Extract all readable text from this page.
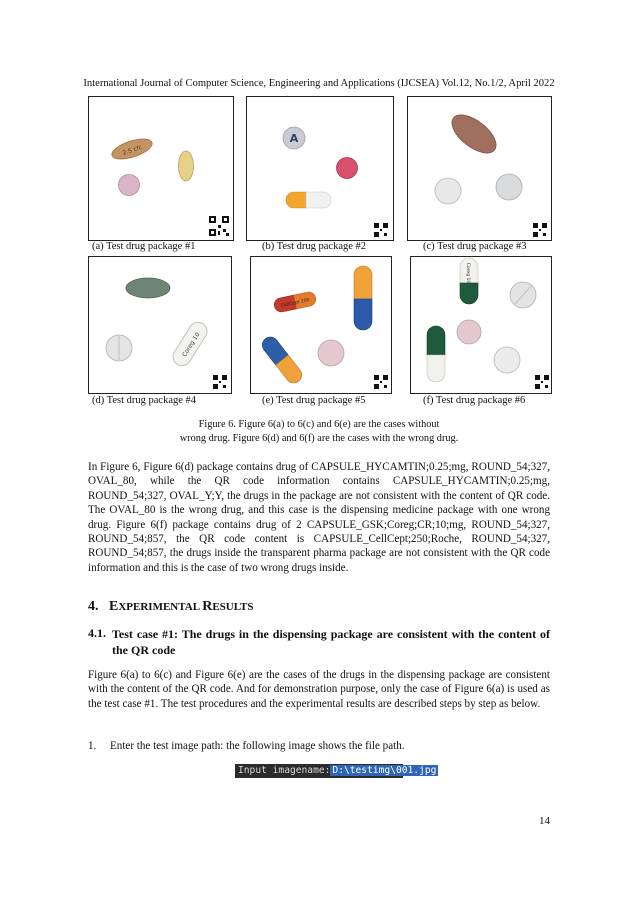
International Journal of Computer Science, Engineering and Applications (IJCSEA) Vol.12, No.1/2, April 2022
2.5 cfc
(a) Test drug package #1
A
(b) Test drug package #2	(c) Test drug package #3
Coreg 10
(d) Test drug package #4
CellCept 250
(e) Test drug package #5
Coreg 10
(f) Test drug package #6
Figure 6. Figure 6(a) to 6(c) and 6(e) are the cases without
wrong drug. Figure 6(d) and 6(f) are the cases with the wrong drug.

In Figure 6, Figure 6(d) package contains drug of CAPSULE_HYCAMTIN;0.25;mg, ROUND_54;327, OVAL_80, while the QR code information contains CAPSULE_HYCAMTIN;0.25;mg, ROUND_54;327, OVAL_Y;Y, the drugs in the package are not consistent with the content of QR code. The OVAL_80 is the wrong drug, and this case is the dispensing medicine package with one wrong drug. Figure 6(f) package contains drug of 2 CAPSULE_GSK;Coreg;CR;10;mg, ROUND_54;327, ROUND_54;857, the QR code content is CAPSULE_CellCept;250;Roche, ROUND_54;327, ROUND_54;857, the drugs inside the transparent pharma package are not consistent with the QR code information and this is the case of two wrong drugs inside.

4. EXPERIMENTAL RESULTS
4.1. Test case #1: The drugs in the dispensing package are consistent with the content of the QR code

Figure 6(a) to 6(c) and Figure 6(e) are the cases of the drugs in the dispensing package are consistent with the content of the QR code. And for demonstration purpose, only the case of Figure 6(a) is used as the test case #1. The test procedures and the experimental results are described steps by step as below.

1. Enter the test image path: the following image shows the file path.
Input imagename: D:\testimg\001.jpg
14
